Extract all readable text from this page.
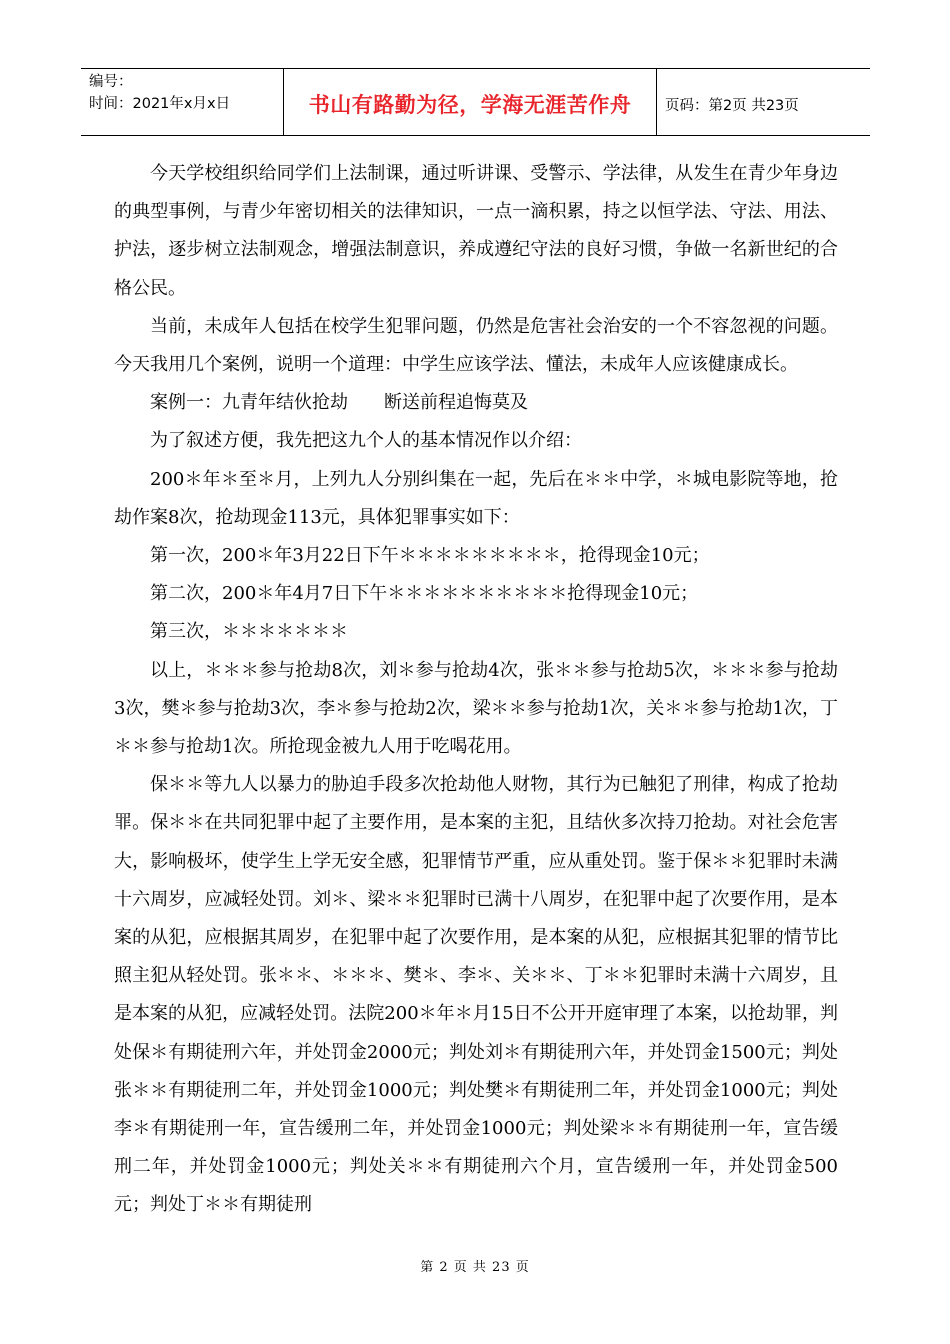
编号：
时间：2021年x月x日	书山有路勤为径，学海无涯苦作舟	页码：第2页 共23页

今天学校组织给同学们上法制课，通过听讲课、受警示、学法律，从发生在青少年身边的典型事例，与青少年密切相关的法律知识，一点一滴积累，持之以恒学法、守法、用法、护法，逐步树立法制观念，增强法制意识，养成遵纪守法的良好习惯，争做一名新世纪的合格公民。

当前，未成年人包括在校学生犯罪问题，仍然是危害社会治安的一个不容忽视的问题。今天我用几个案例，说明一个道理：中学生应该学法、懂法，未成年人应该健康成长。

案例一：九青年结伙抢劫　　断送前程追悔莫及

为了叙述方便，我先把这九个人的基本情况作以介绍：

200＊年＊至＊月，上列九人分别纠集在一起，先后在＊＊中学，＊城电影院等地，抢劫作案8次，抢劫现金113元，具体犯罪事实如下：

第一次，200＊年3月22日下午＊＊＊＊＊＊＊＊＊，抢得现金10元；

第二次，200＊年4月7日下午＊＊＊＊＊＊＊＊＊＊抢得现金10元；

第三次，＊＊＊＊＊＊＊

以上，＊＊＊参与抢劫8次，刘＊参与抢劫4次，张＊＊参与抢劫5次，＊＊＊参与抢劫3次，樊＊参与抢劫3次，李＊参与抢劫2次，梁＊＊参与抢劫1次，关＊＊参与抢劫1次，丁＊＊参与抢劫1次。所抢现金被九人用于吃喝花用。

保＊＊等九人以暴力的胁迫手段多次抢劫他人财物，其行为已触犯了刑律，构成了抢劫罪。保＊＊在共同犯罪中起了主要作用，是本案的主犯，且结伙多次持刀抢劫。对社会危害大，影响极坏，使学生上学无安全感，犯罪情节严重，应从重处罚。鉴于保＊＊犯罪时未满十六周岁，应减轻处罚。刘＊、梁＊＊犯罪时已满十八周岁，在犯罪中起了次要作用，是本案的从犯，应根据其周岁，在犯罪中起了次要作用，是本案的从犯，应根据其犯罪的情节比照主犯从轻处罚。张＊＊、＊＊＊、樊＊、李＊、关＊＊、丁＊＊犯罪时未满十六周岁，且是本案的从犯，应减轻处罚。法院200＊年＊月15日不公开开庭审理了本案，以抢劫罪，判处保＊有期徒刑六年，并处罚金2000元；判处刘＊有期徒刑六年，并处罚金1500元；判处张＊＊有期徒刑二年，并处罚金1000元；判处樊＊有期徒刑二年，并处罚金1000元；判处李＊有期徒刑一年，宣告缓刑二年，并处罚金1000元；判处梁＊＊有期徒刑一年，宣告缓刑二年，并处罚金1000元；判处关＊＊有期徒刑六个月，宣告缓刑一年，并处罚金500元；判处丁＊＊有期徒刑

第 2 页 共 23 页
